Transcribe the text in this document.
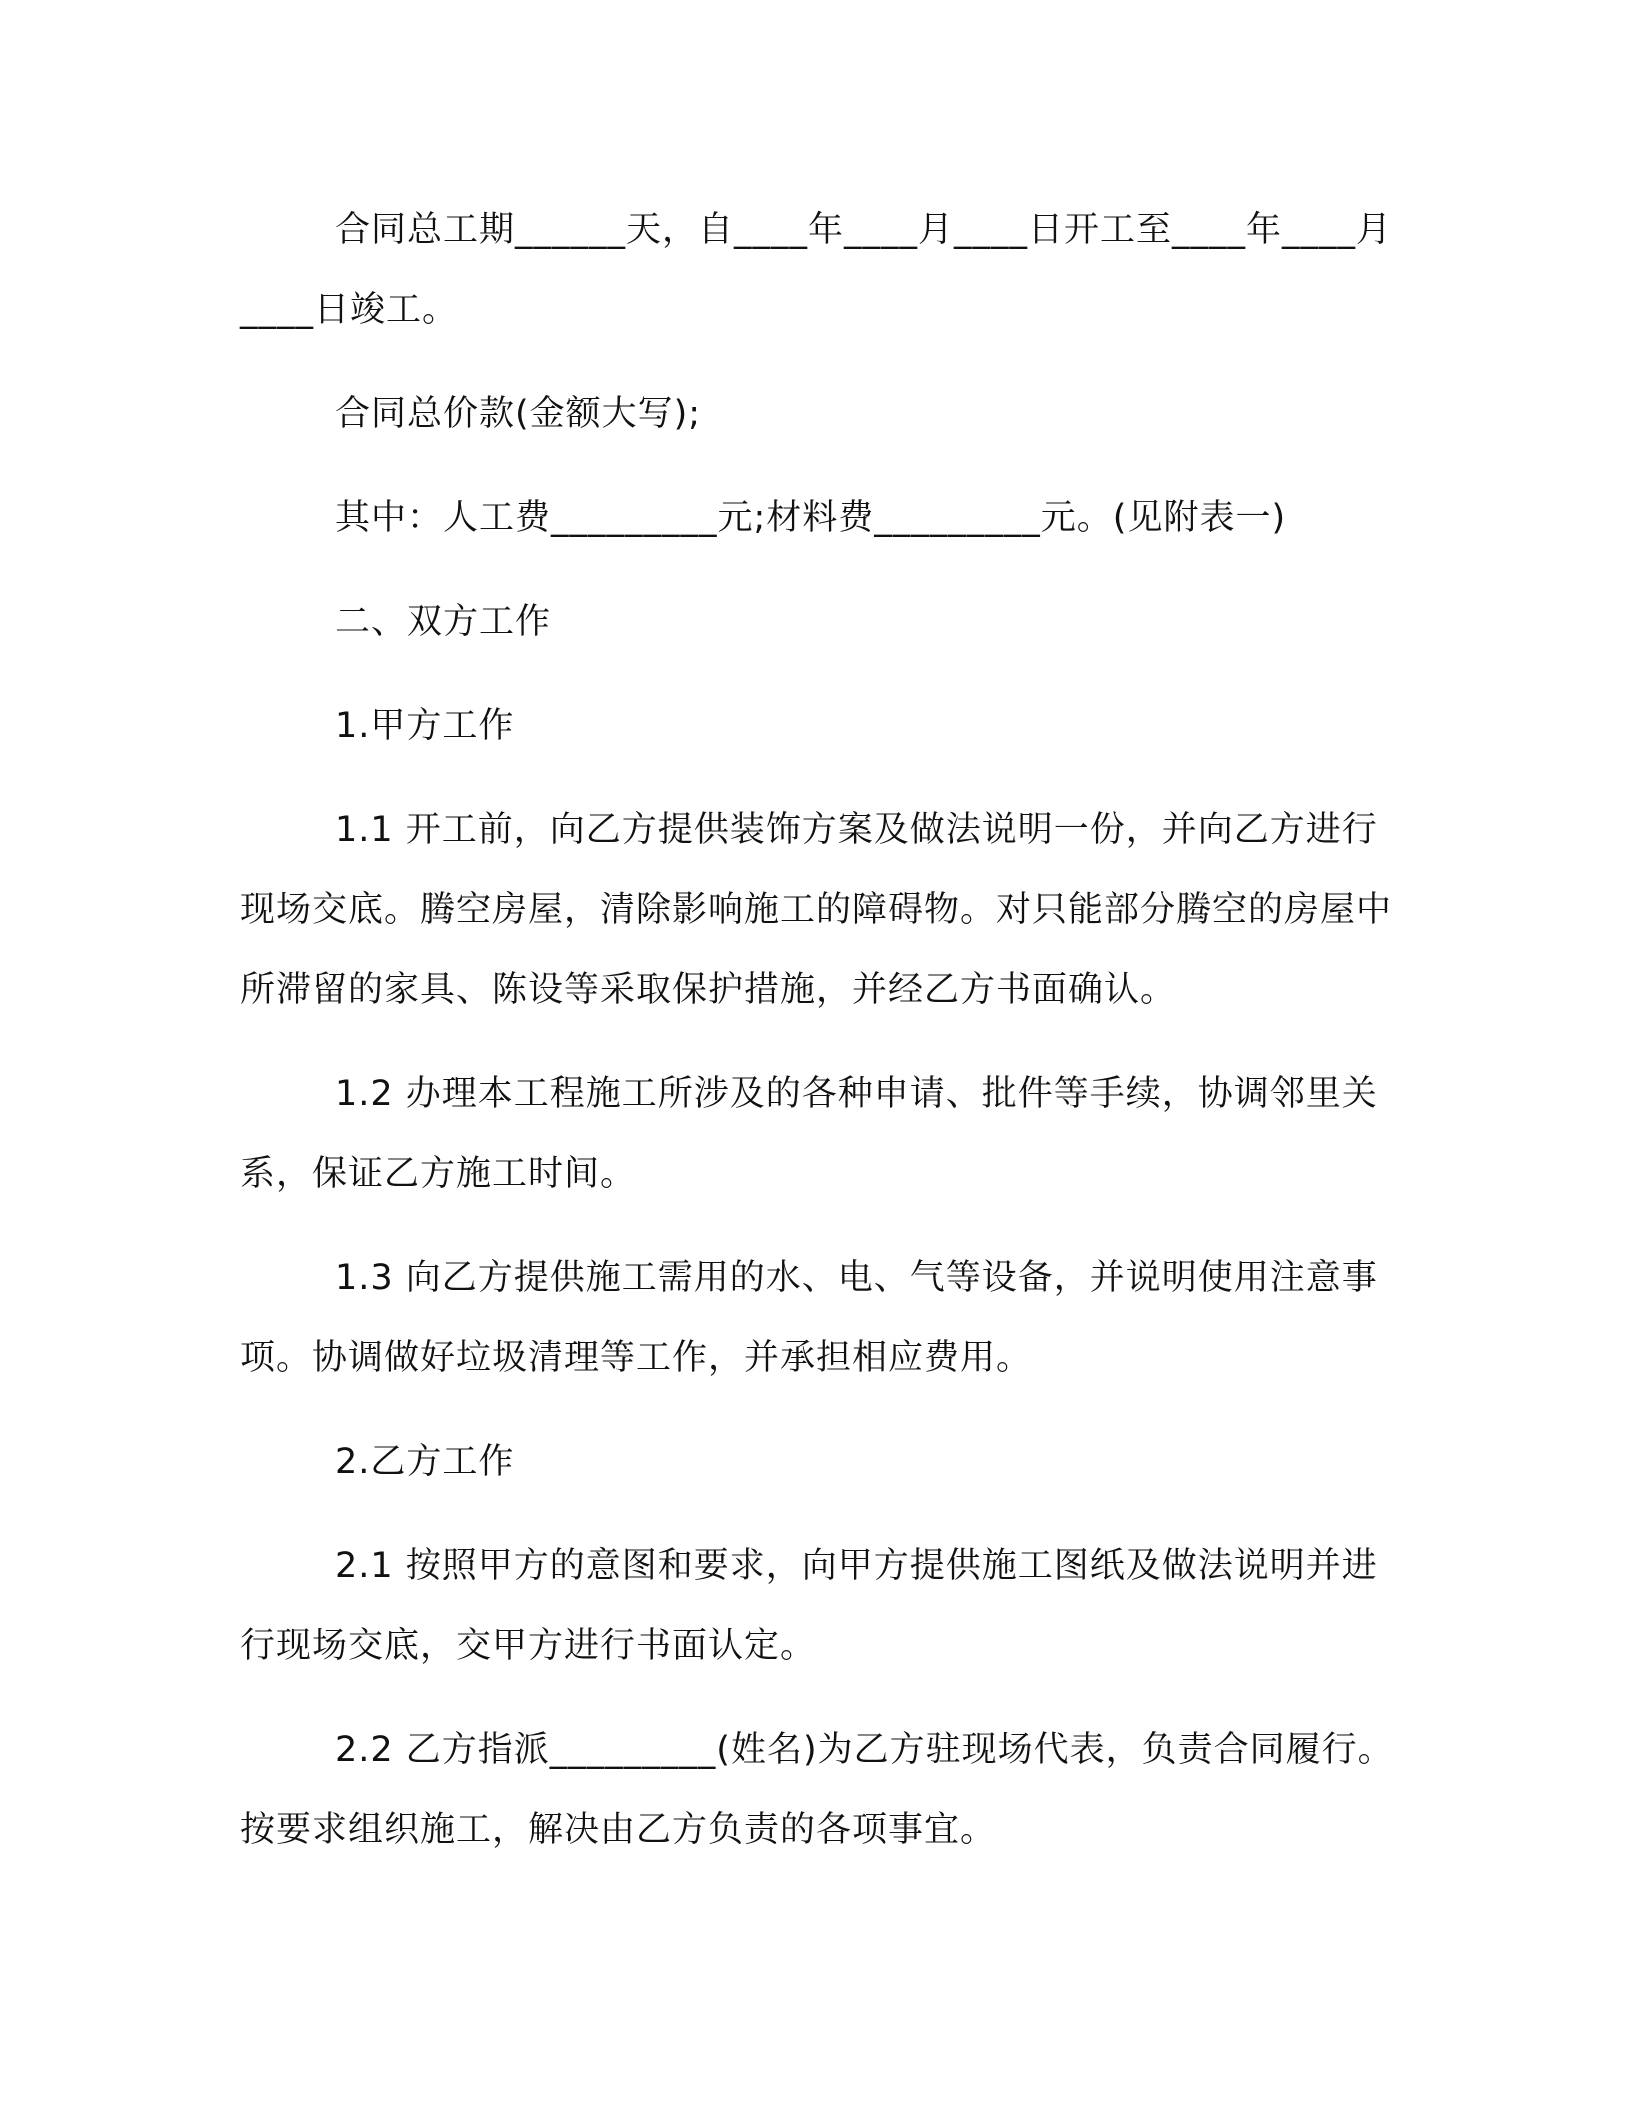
合同总工期______天，自____年____月____日开工至____年____月____日竣工。

合同总价款(金额大写);

其中：人工费_________元;材料费_________元。(见附表一)

二、双方工作

1.甲方工作

1.1 开工前，向乙方提供装饰方案及做法说明一份，并向乙方进行现场交底。腾空房屋，清除影响施工的障碍物。对只能部分腾空的房屋中所滞留的家具、陈设等采取保护措施，并经乙方书面确认。

1.2 办理本工程施工所涉及的各种申请、批件等手续，协调邻里关系，保证乙方施工时间。

1.3 向乙方提供施工需用的水、电、气等设备，并说明使用注意事项。协调做好垃圾清理等工作，并承担相应费用。

2.乙方工作

2.1 按照甲方的意图和要求，向甲方提供施工图纸及做法说明并进行现场交底，交甲方进行书面认定。

2.2 乙方指派_________(姓名)为乙方驻现场代表，负责合同履行。按要求组织施工，解决由乙方负责的各项事宜。
